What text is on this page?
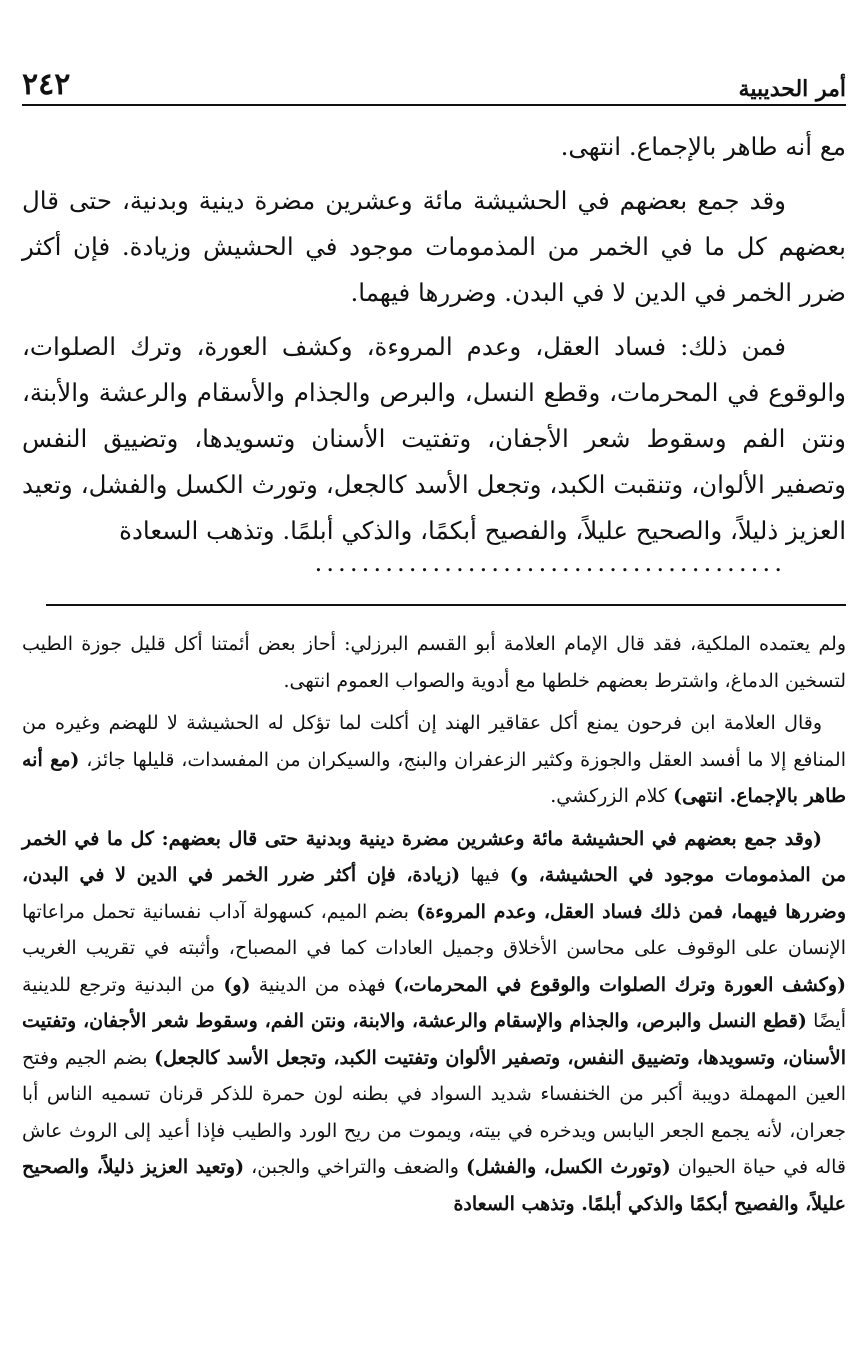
أمر الحديبية
٢٤٢

مع أنه طاهر بالإجماع. انتهى.

وقد جمع بعضهم في الحشيشة مائة وعشرين مضرة دينية وبدنية، حتى قال بعضهم كل ما في الخمر من المذمومات موجود في الحشيش وزيادة. فإن أكثر ضرر الخمر في الدين لا في البدن. وضررها فيهما.

فمن ذلك: فساد العقل، وعدم المروءة، وكشف العورة، وترك الصلوات، والوقوع في المحرمات، وقطع النسل، والبرص والجذام والأسقام والرعشة والأبنة، ونتن الفم وسقوط شعر الأجفان، وتفتيت الأسنان وتسويدها، وتضييق النفس وتصفير الألوان، وتنقبت الكبد، وتجعل الأسد كالجعل، وتورث الكسل والفشل، وتعيد العزيز ذليلاً، والصحيح عليلاً، والفصيح أبكمًا، والذكي أبلمًا. وتذهب السعادة
........................................

ولم يعتمده الملكية، فقد قال الإمام العلامة أبو القسم البرزلي: أحاز بعض أئمتنا أكل قليل جوزة الطيب لتسخين الدماغ، واشترط بعضهم خلطها مع أدوية والصواب العموم انتهى.

وقال العلامة ابن فرحون يمنع أكل عقاقير الهند إن أكلت لما تؤكل له الحشيشة لا للهضم وغيره من المنافع إلا ما أفسد العقل والجوزة وكثير الزعفران والبنج، والسيكران من المفسدات، قليلها جائز، (مع أنه طاهر بالإجماع. انتهى) كلام الزركشي.

(وقد جمع بعضهم في الحشيشة مائة وعشرين مضرة دينية وبدنية حتى قال بعضهم: كل ما في الخمر من المذمومات موجود في الحشيشة، و) فيها (زيادة، فإن أكثر ضرر الخمر في الدين لا في البدن، وضررها فيهما، فمن ذلك فساد العقل، وعدم المروءة) بضم الميم، كسهولة آداب نفسانية تحمل مراعاتها الإنسان على الوقوف على محاسن الأخلاق وجميل العادات كما في المصباح، وأثبته في تقريب الغريب (وكشف العورة وترك الصلوات والوقوع في المحرمات،) فهذه من الدينية (و) من البدنية وترجع للدينية أيضًا (قطع النسل والبرص، والجذام والإسقام والرعشة، والابنة، ونتن الفم، وسقوط شعر الأجفان، وتفتيت الأسنان، وتسويدها، وتضييق النفس، وتصفير الألوان وتفتيت الكبد، وتجعل الأسد كالجعل) بضم الجيم وفتح العين المهملة دويبة أكبر من الخنفساء شديد السواد في بطنه لون حمرة للذكر قرنان تسميه الناس أبا جعران، لأنه يجمع الجعر اليابس ويدخره في بيته، ويموت من ريح الورد والطيب فإذا أعيد إلى الروث عاش قاله في حياة الحيوان (وتورث الكسل، والفشل) والضعف والتراخي والجبن، (وتعيد العزيز ذليلاً، والصحيح عليلاً، والفصيح أبكمًا والذكي أبلمًا. وتذهب السعادة
